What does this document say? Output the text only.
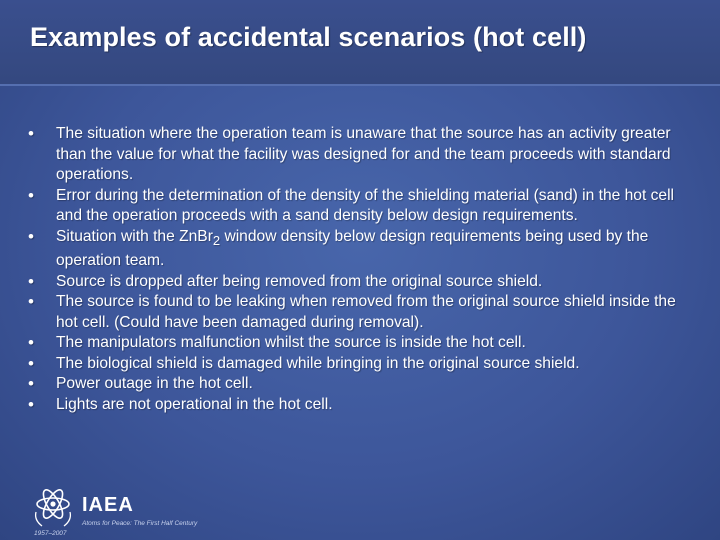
Examples of accidental scenarios (hot cell)
•	The situation where the operation team is unaware that the source has an activity greater than the value for what the facility was designed for and the team proceeds with standard operations.
•	Error during the determination of the density of the shielding material (sand) in the hot cell and the operation proceeds with a sand density below design requirements.
•	Situation with the ZnBr$_2$ window density below design requirements being used by the operation team.
•	Source is dropped after being removed from the original source shield.
•	The source is found to be leaking when removed from the original source shield inside the hot cell. (Could have been damaged during removal).
•	The manipulators malfunction whilst the source is inside the hot cell.
•	The biological shield is damaged while bringing in the original source shield.
•	Power outage in the hot cell.
•	Lights are not operational in the hot cell.
IAEA
Atoms for Peace: The First Half Century
1957–2007
